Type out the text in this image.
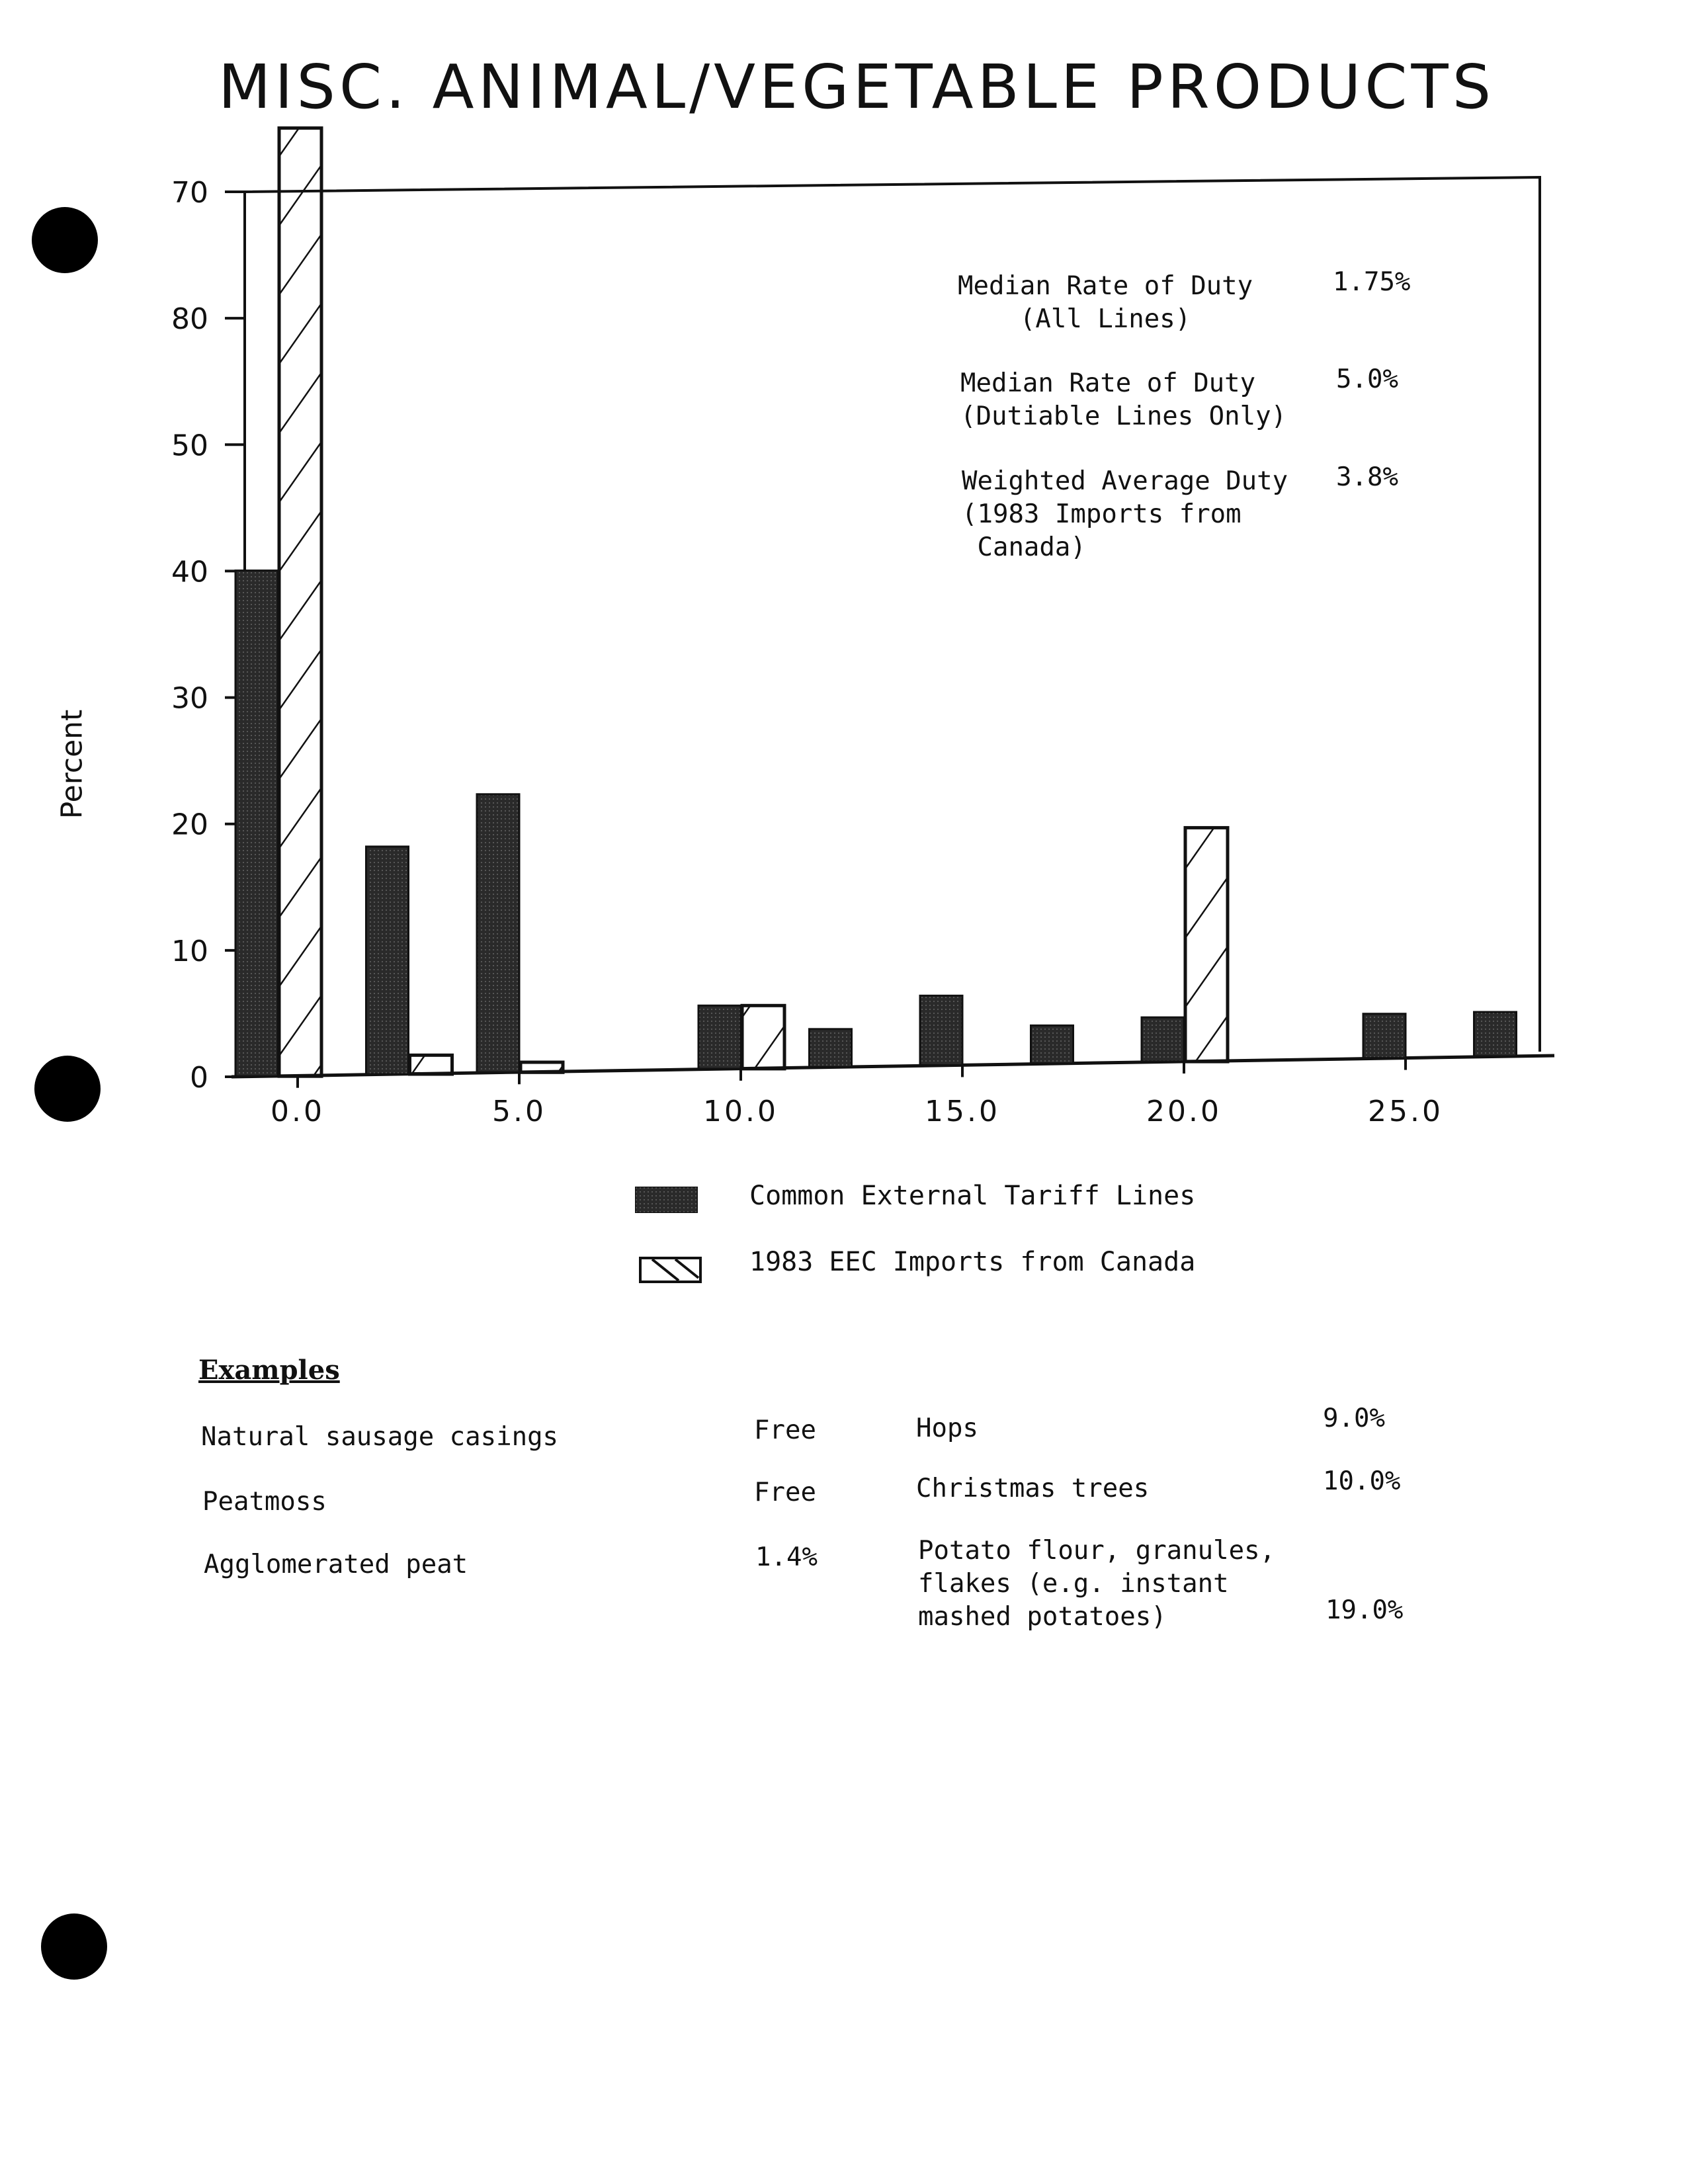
MISC. ANIMAL/VEGETABLE PRODUCTS
Percent
0
10
20
30
40
50
80
70
0.0	5.0	10.0	15.0	20.0	25.0
Median Rate of Duty
(All Lines)
1.75%
Median Rate of Duty
(Dutiable Lines Only)
5.0%
Weighted Average Duty
(1983 Imports from
Canada)
3.8%
Common External Tariff Lines
1983 EEC Imports from Canada
Examples
Natural sausage casings	Free
Peatmoss	Free
Agglomerated peat	1.4%
Hops	9.0%
Christmas trees	10.0%
Potato flour, granules,
flakes (e.g. instant
mashed potatoes)	19.0%
